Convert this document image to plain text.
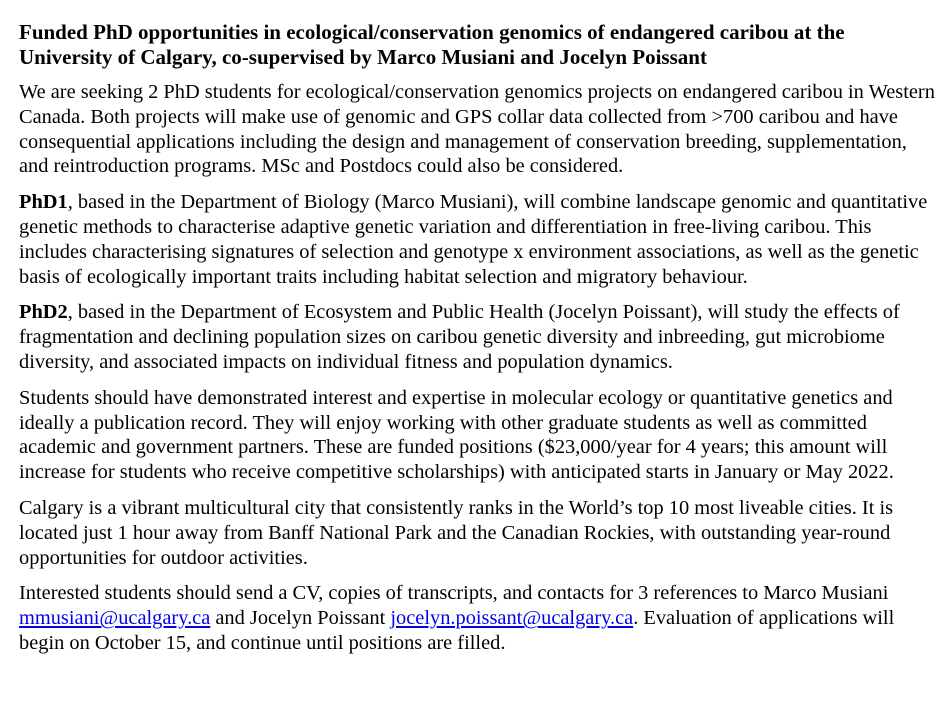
Funded PhD opportunities in ecological/conservation genomics of endangered caribou at the University of Calgary, co-supervised by Marco Musiani and Jocelyn Poissant

We are seeking 2 PhD students for ecological/conservation genomics projects on endangered caribou in Western Canada. Both projects will make use of genomic and GPS collar data collected from >700 caribou and have consequential applications including the design and management of conservation breeding, supplementation, and reintroduction programs. MSc and Postdocs could also be considered.

PhD1, based in the Department of Biology (Marco Musiani), will combine landscape genomic and quantitative genetic methods to characterise adaptive genetic variation and differentiation in free-living caribou. This includes characterising signatures of selection and genotype x environment associations, as well as the genetic basis of ecologically important traits including habitat selection and migratory behaviour.

PhD2, based in the Department of Ecosystem and Public Health (Jocelyn Poissant), will study the effects of fragmentation and declining population sizes on caribou genetic diversity and inbreeding, gut microbiome diversity, and associated impacts on individual fitness and population dynamics.

Students should have demonstrated interest and expertise in molecular ecology or quantitative genetics and ideally a publication record. They will enjoy working with other graduate students as well as committed academic and government partners. These are funded positions ($23,000/year for 4 years; this amount will increase for students who receive competitive scholarships) with anticipated starts in January or May 2022.

Calgary is a vibrant multicultural city that consistently ranks in the World’s top 10 most liveable cities. It is located just 1 hour away from Banff National Park and the Canadian Rockies, with outstanding year-round opportunities for outdoor activities.

Interested students should send a CV, copies of transcripts, and contacts for 3 references to Marco Musiani mmusiani@ucalgary.ca and Jocelyn Poissant jocelyn.poissant@ucalgary.ca. Evaluation of applications will begin on October 15, and continue until positions are filled.
